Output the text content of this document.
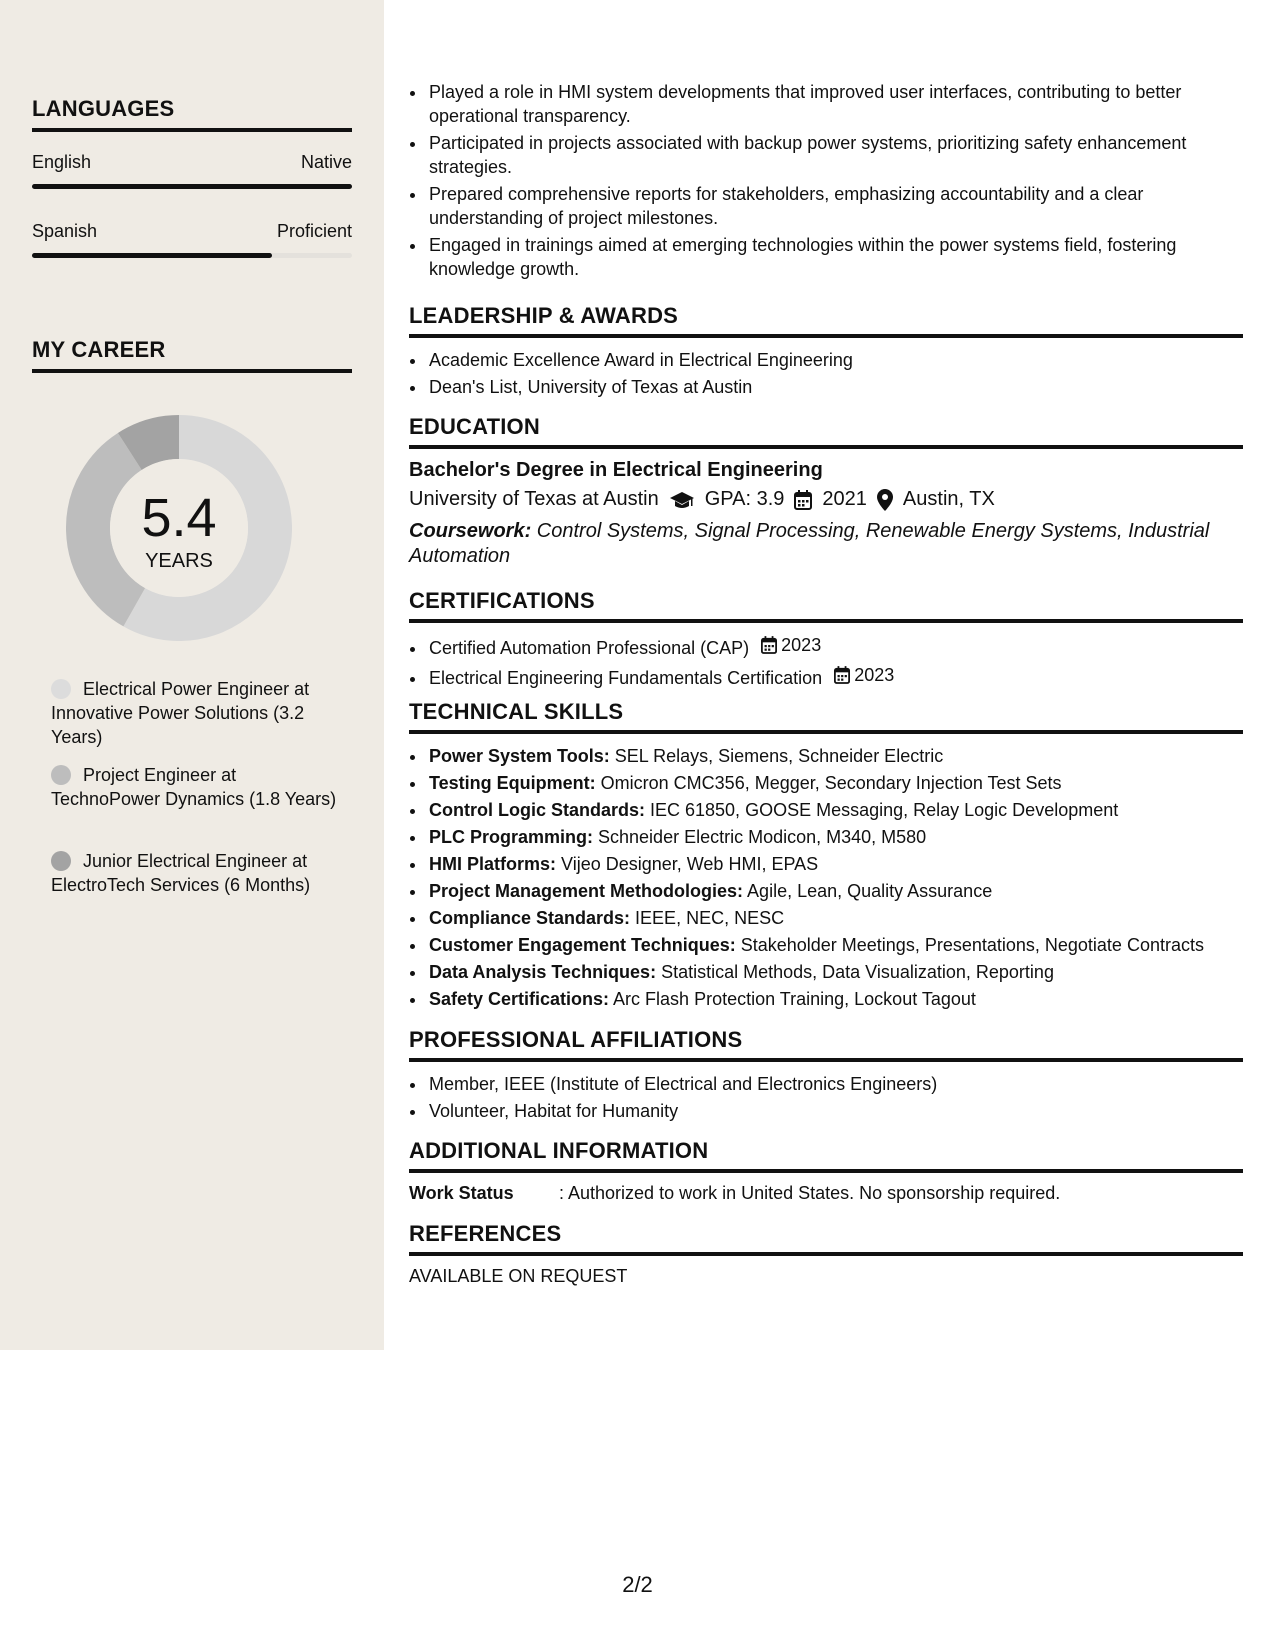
LANGUAGES
English	Native
Spanish	Proficient
MY CAREER
5.4
YEARS
Electrical Power Engineer at Innovative Power Solutions (3.2 Years)
Project Engineer at TechnoPower Dynamics (1.8 Years)
Junior Electrical Engineer at ElectroTech Services (6 Months)
• Played a role in HMI system developments that improved user interfaces, contributing to better operational transparency.
• Participated in projects associated with backup power systems, prioritizing safety enhancement strategies.
• Prepared comprehensive reports for stakeholders, emphasizing accountability and a clear understanding of project milestones.
• Engaged in trainings aimed at emerging technologies within the power systems field, fostering knowledge growth.
LEADERSHIP & AWARDS
• Academic Excellence Award in Electrical Engineering
• Dean's List, University of Texas at Austin
EDUCATION
Bachelor's Degree in Electrical Engineering
University of Texas at Austin GPA: 3.9 2021 Austin, TX
Coursework: Control Systems, Signal Processing, Renewable Energy Systems, Industrial Automation
CERTIFICATIONS
• Certified Automation Professional (CAP) 2023
• Electrical Engineering Fundamentals Certification 2023
TECHNICAL SKILLS
• Power System Tools: SEL Relays, Siemens, Schneider Electric
• Testing Equipment: Omicron CMC356, Megger, Secondary Injection Test Sets
• Control Logic Standards: IEC 61850, GOOSE Messaging, Relay Logic Development
• PLC Programming: Schneider Electric Modicon, M340, M580
• HMI Platforms: Vijeo Designer, Web HMI, EPAS
• Project Management Methodologies: Agile, Lean, Quality Assurance
• Compliance Standards: IEEE, NEC, NESC
• Customer Engagement Techniques: Stakeholder Meetings, Presentations, Negotiate Contracts
• Data Analysis Techniques: Statistical Methods, Data Visualization, Reporting
• Safety Certifications: Arc Flash Protection Training, Lockout Tagout
PROFESSIONAL AFFILIATIONS
• Member, IEEE (Institute of Electrical and Electronics Engineers)
• Volunteer, Habitat for Humanity
ADDITIONAL INFORMATION
Work Status	: Authorized to work in United States. No sponsorship required.
REFERENCES
AVAILABLE ON REQUEST
2/2
